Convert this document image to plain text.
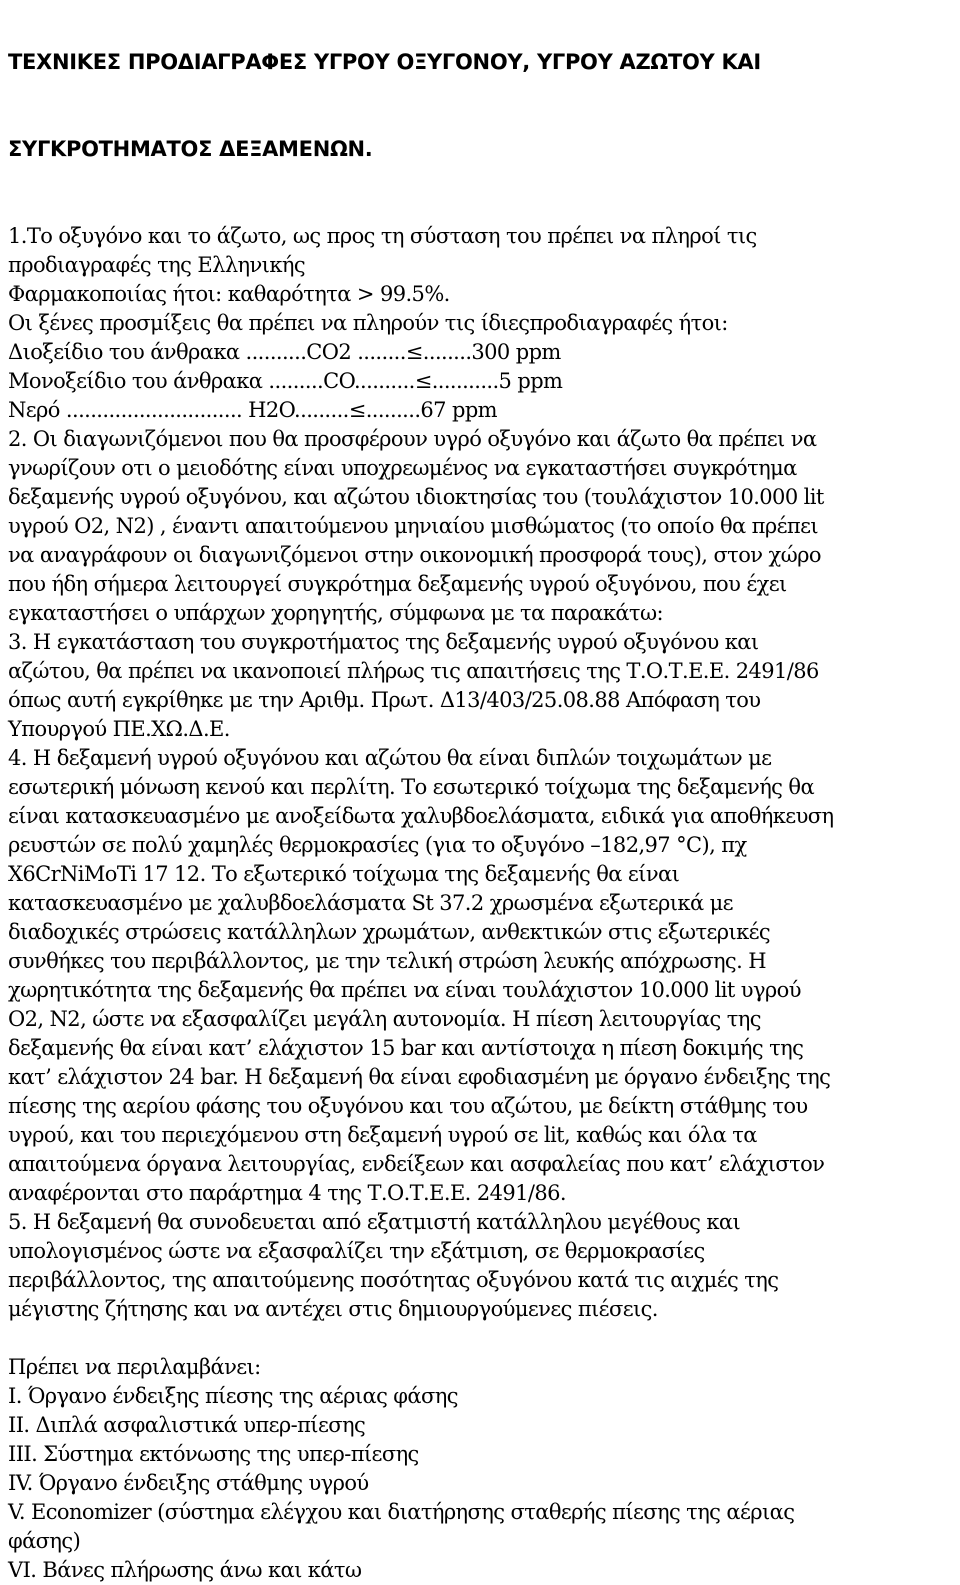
ΤΕΧΝΙΚΕΣ ΠΡΟΔΙΑΓΡΑΦΕΣ ΥΓΡΟΥ ΟΞΥΓΟΝΟΥ, ΥΓΡΟΥ ΑΖΩΤΟΥ ΚΑΙ

ΣΥΓΚΡΟΤΗΜΑΤΟΣ ΔΕΞΑΜΕΝΩΝ.

1.Το οξυγόνο και το άζωτο, ως προς τη σύσταση του πρέπει να πληροί τις
προδιαγραφές της Ελληνικής
Φαρμακοποιίας ήτοι: καθαρότητα > 99.5%.
Οι ξένες προσμίξεις θα πρέπει να πληρούν τις ίδιεςπροδιαγραφές ήτοι:
Διοξείδιο του άνθρακα ..........CO2 ........≤........300 ppm
Μονοξείδιο του άνθρακα .........CO..........≤...........5 ppm
Νερό ............................. H2O.........≤.........67 ppm
2. Οι διαγωνιζόμενοι που θα προσφέρουν υγρό οξυγόνο και άζωτο θα πρέπει να
γνωρίζουν οτι ο μειοδότης είναι υποχρεωμένος να εγκαταστήσει συγκρότημα
δεξαμενής υγρού οξυγόνου, και αζώτου ιδιοκτησίας του (τουλάχιστον 10.000 lit
υγρού Ο2, Ν2) , έναντι απαιτούμενου μηνιαίου μισθώματος (το οποίο θα πρέπει
να αναγράφουν οι διαγωνιζόμενοι στην οικονομική προσφορά τους), στον χώρο
που ήδη σήμερα λειτουργεί συγκρότημα δεξαμενής υγρού οξυγόνου, που έχει
εγκαταστήσει ο υπάρχων χορηγητής, σύμφωνα με τα παρακάτω:
3. Η εγκατάσταση του συγκροτήματος της δεξαμενής υγρού οξυγόνου και
αζώτου, θα πρέπει να ικανοποιεί πλήρως τις απαιτήσεις της Τ.Ο.Τ.Ε.Ε. 2491/86
όπως αυτή εγκρίθηκε με την Αριθμ. Πρωτ. Δ13/403/25.08.88 Απόφαση του
Υπουργού ΠΕ.ΧΩ.Δ.Ε.
4. Η δεξαμενή υγρού οξυγόνου και αζώτου θα είναι διπλών τοιχωμάτων με
εσωτερική μόνωση κενού και περλίτη. Το εσωτερικό τοίχωμα της δεξαμενής θα
είναι κατασκευασμένο με ανοξείδωτα χαλυβδοελάσματα, ειδικά για αποθήκευση
ρευστών σε πολύ χαμηλές θερμοκρασίες (για το οξυγόνο –182,97 °C), πχ
X6CrNiMoTi 17 12. Το εξωτερικό τοίχωμα της δεξαμενής θα είναι
κατασκευασμένο με χαλυβδοελάσματα St 37.2 χρωσμένα εξωτερικά με
διαδοχικές στρώσεις κατάλληλων χρωμάτων, ανθεκτικών στις εξωτερικές
συνθήκες του περιβάλλοντος, με την τελική στρώση λευκής απόχρωσης. Η
χωρητικότητα της δεξαμενής θα πρέπει να είναι τουλάχιστον 10.000 lit υγρού
Ο2, Ν2, ώστε να εξασφαλίζει μεγάλη αυτονομία. Η πίεση λειτουργίας της
δεξαμενής θα είναι κατ’ ελάχιστον 15 bar και αντίστοιχα η πίεση δοκιμής της
κατ’ ελάχιστον 24 bar. Η δεξαμενή θα είναι εφοδιασμένη με όργανο ένδειξης της
πίεσης της αερίου φάσης του οξυγόνου και του αζώτου, με δείκτη στάθμης του
υγρού, και του περιεχόμενου στη δεξαμενή υγρού σε lit, καθώς και όλα τα
απαιτούμενα όργανα λειτουργίας, ενδείξεων και ασφαλείας που κατ’ ελάχιστον
αναφέρονται στο παράρτημα 4 της Τ.Ο.Τ.Ε.Ε. 2491/86.
5. Η δεξαμενή θα συνοδευεται από εξατμιστή κατάλληλου μεγέθους και
υπολογισμένος ώστε να εξασφαλίζει την εξάτμιση, σε θερμοκρασίες
περιβάλλοντος, της απαιτούμενης ποσότητας οξυγόνου κατά τις αιχμές της
μέγιστης ζήτησης και να αντέχει στις δημιουργούμενες πιέσεις.
Πρέπει να περιλαμβάνει:
I. Όργανο ένδειξης πίεσης της αέριας φάσης
II. Διπλά ασφαλιστικά υπερ-πίεσης
III. Σύστημα εκτόνωσης της υπερ-πίεσης
IV. Όργανο ένδειξης στάθμης υγρού
V. Economizer (σύστημα ελέγχου και διατήρησης σταθερής πίεσης της αέριας
φάσης)
VI. Βάνες πλήρωσης άνω και κάτω
